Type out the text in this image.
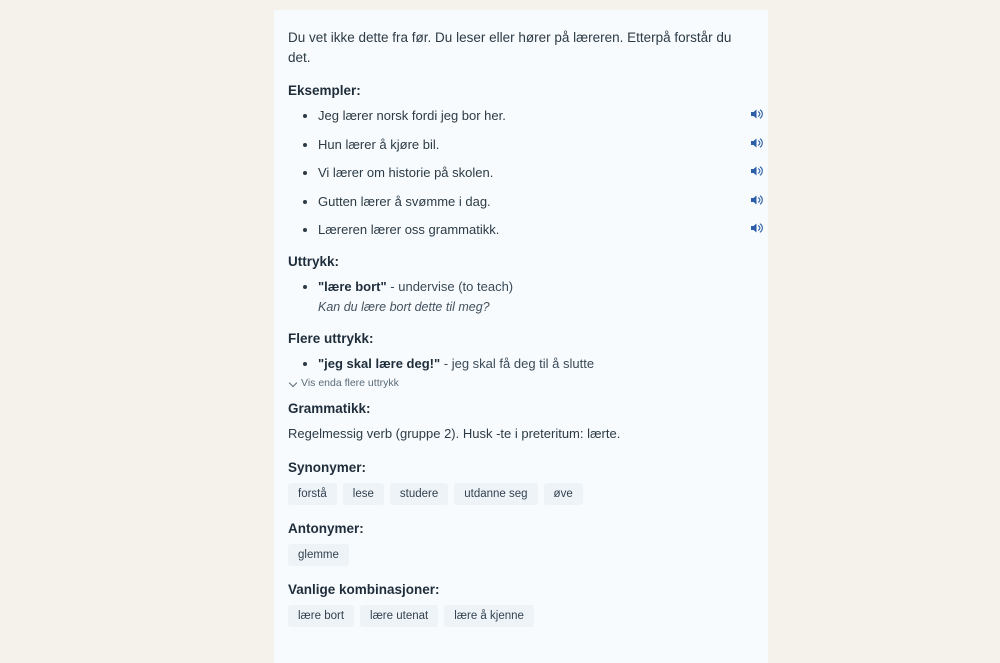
Du vet ikke dette fra før. Du leser eller hører på læreren. Etterpå forstår du det.

Eksempler:
• Jeg lærer norsk fordi jeg bor her.
• Hun lærer å kjøre bil.
• Vi lærer om historie på skolen.
• Gutten lærer å svømme i dag.
• Læreren lærer oss grammatikk.
Uttrykk:
• "lære bort" - undervise (to teach)
Kan du lære bort dette til meg?
Flere uttrykk:
• "jeg skal lære deg!" - jeg skal få deg til å slutte
Vis enda flere uttrykk
Grammatikk:

Regelmessig verb (gruppe 2). Husk -te i preteritum: lærte.

Synonymer:
forstå	lese	studere	utdanne seg	øve
Antonymer:
glemme
Vanlige kombinasjoner:
lære bort	lære utenat	lære å kjenne
